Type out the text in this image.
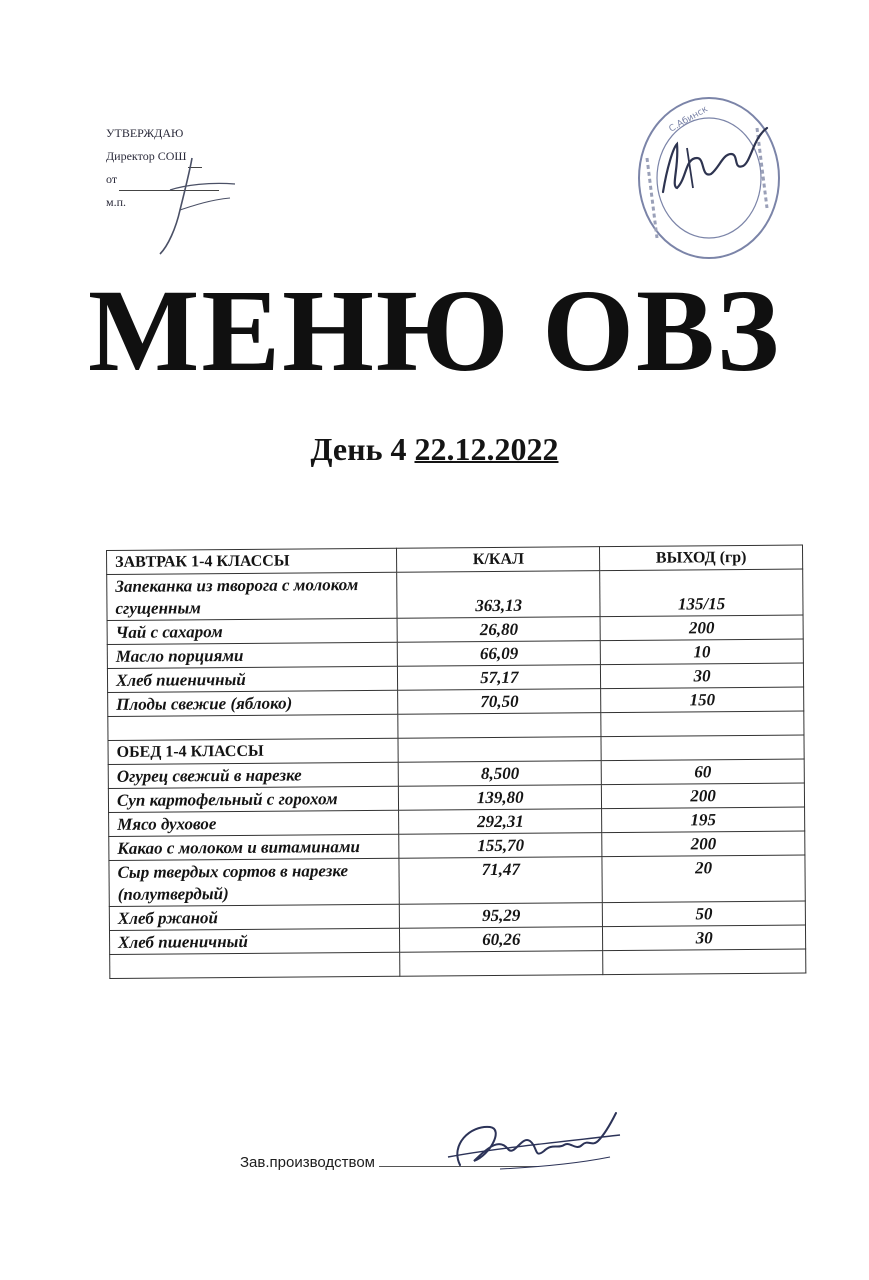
УТВЕРЖДАЮ
Директор СОШ
от
м.п.
С.Абинск
МЕНЮ ОВЗ
День 4 22.12.2022
ЗАВТРАК 1-4 КЛАССЫ	К/КАЛ	ВЫХОД (гр)
Запеканка из творога с молоком сгущенным	363,13	135/15
Чай с сахаром	26,80	200
Масло порциями	66,09	10
Хлеб пшеничный	57,17	30
Плоды свежие (яблоко)	70,50	150

ОБЕД 1-4 КЛАССЫ		
Огурец свежий в нарезке	8,500	60
Суп картофельный с горохом	139,80	200
Мясо духовое	292,31	195
Какао с молоком и витаминами	155,70	200
Сыр твердых сортов в нарезке (полутвердый)	71,47	20
Хлеб ржаной	95,29	50
Хлеб пшеничный	60,26	30

Зав.производством
